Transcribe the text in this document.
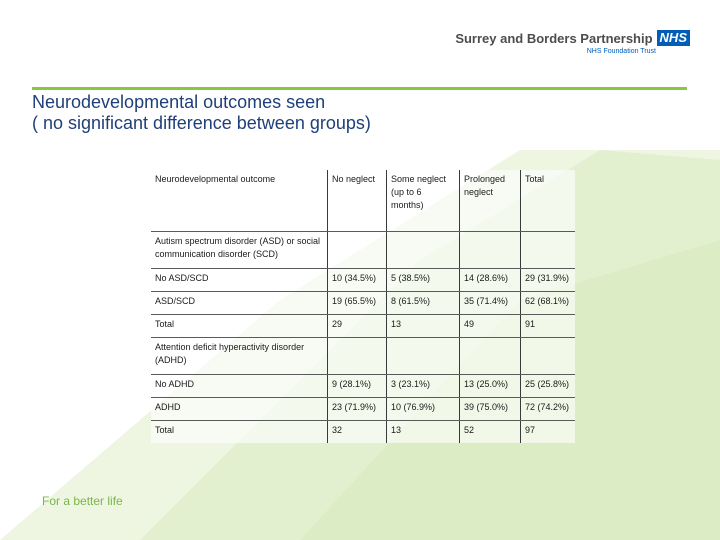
Surrey and Borders Partnership NHS
NHS Foundation Trust
Neurodevelopmental outcomes seen
( no significant difference between groups)
Neurodevelopmental outcome	No neglect	Some neglect (up to 6 months)	Prolonged neglect	Total
Autism spectrum disorder (ASD) or social communication disorder (SCD)				
No ASD/SCD	10 (34.5%)	5 (38.5%)	14 (28.6%)	29 (31.9%)
ASD/SCD	19 (65.5%)	8 (61.5%)	35 (71.4%)	62 (68.1%)
Total	29	13	49	91
Attention deficit hyperactivity disorder (ADHD)				
No ADHD	9 (28.1%)	3 (23.1%)	13 (25.0%)	25 (25.8%)
ADHD	23 (71.9%)	10 (76.9%)	39 (75.0%)	72 (74.2%)
Total	32	13	52	97
For a better life
